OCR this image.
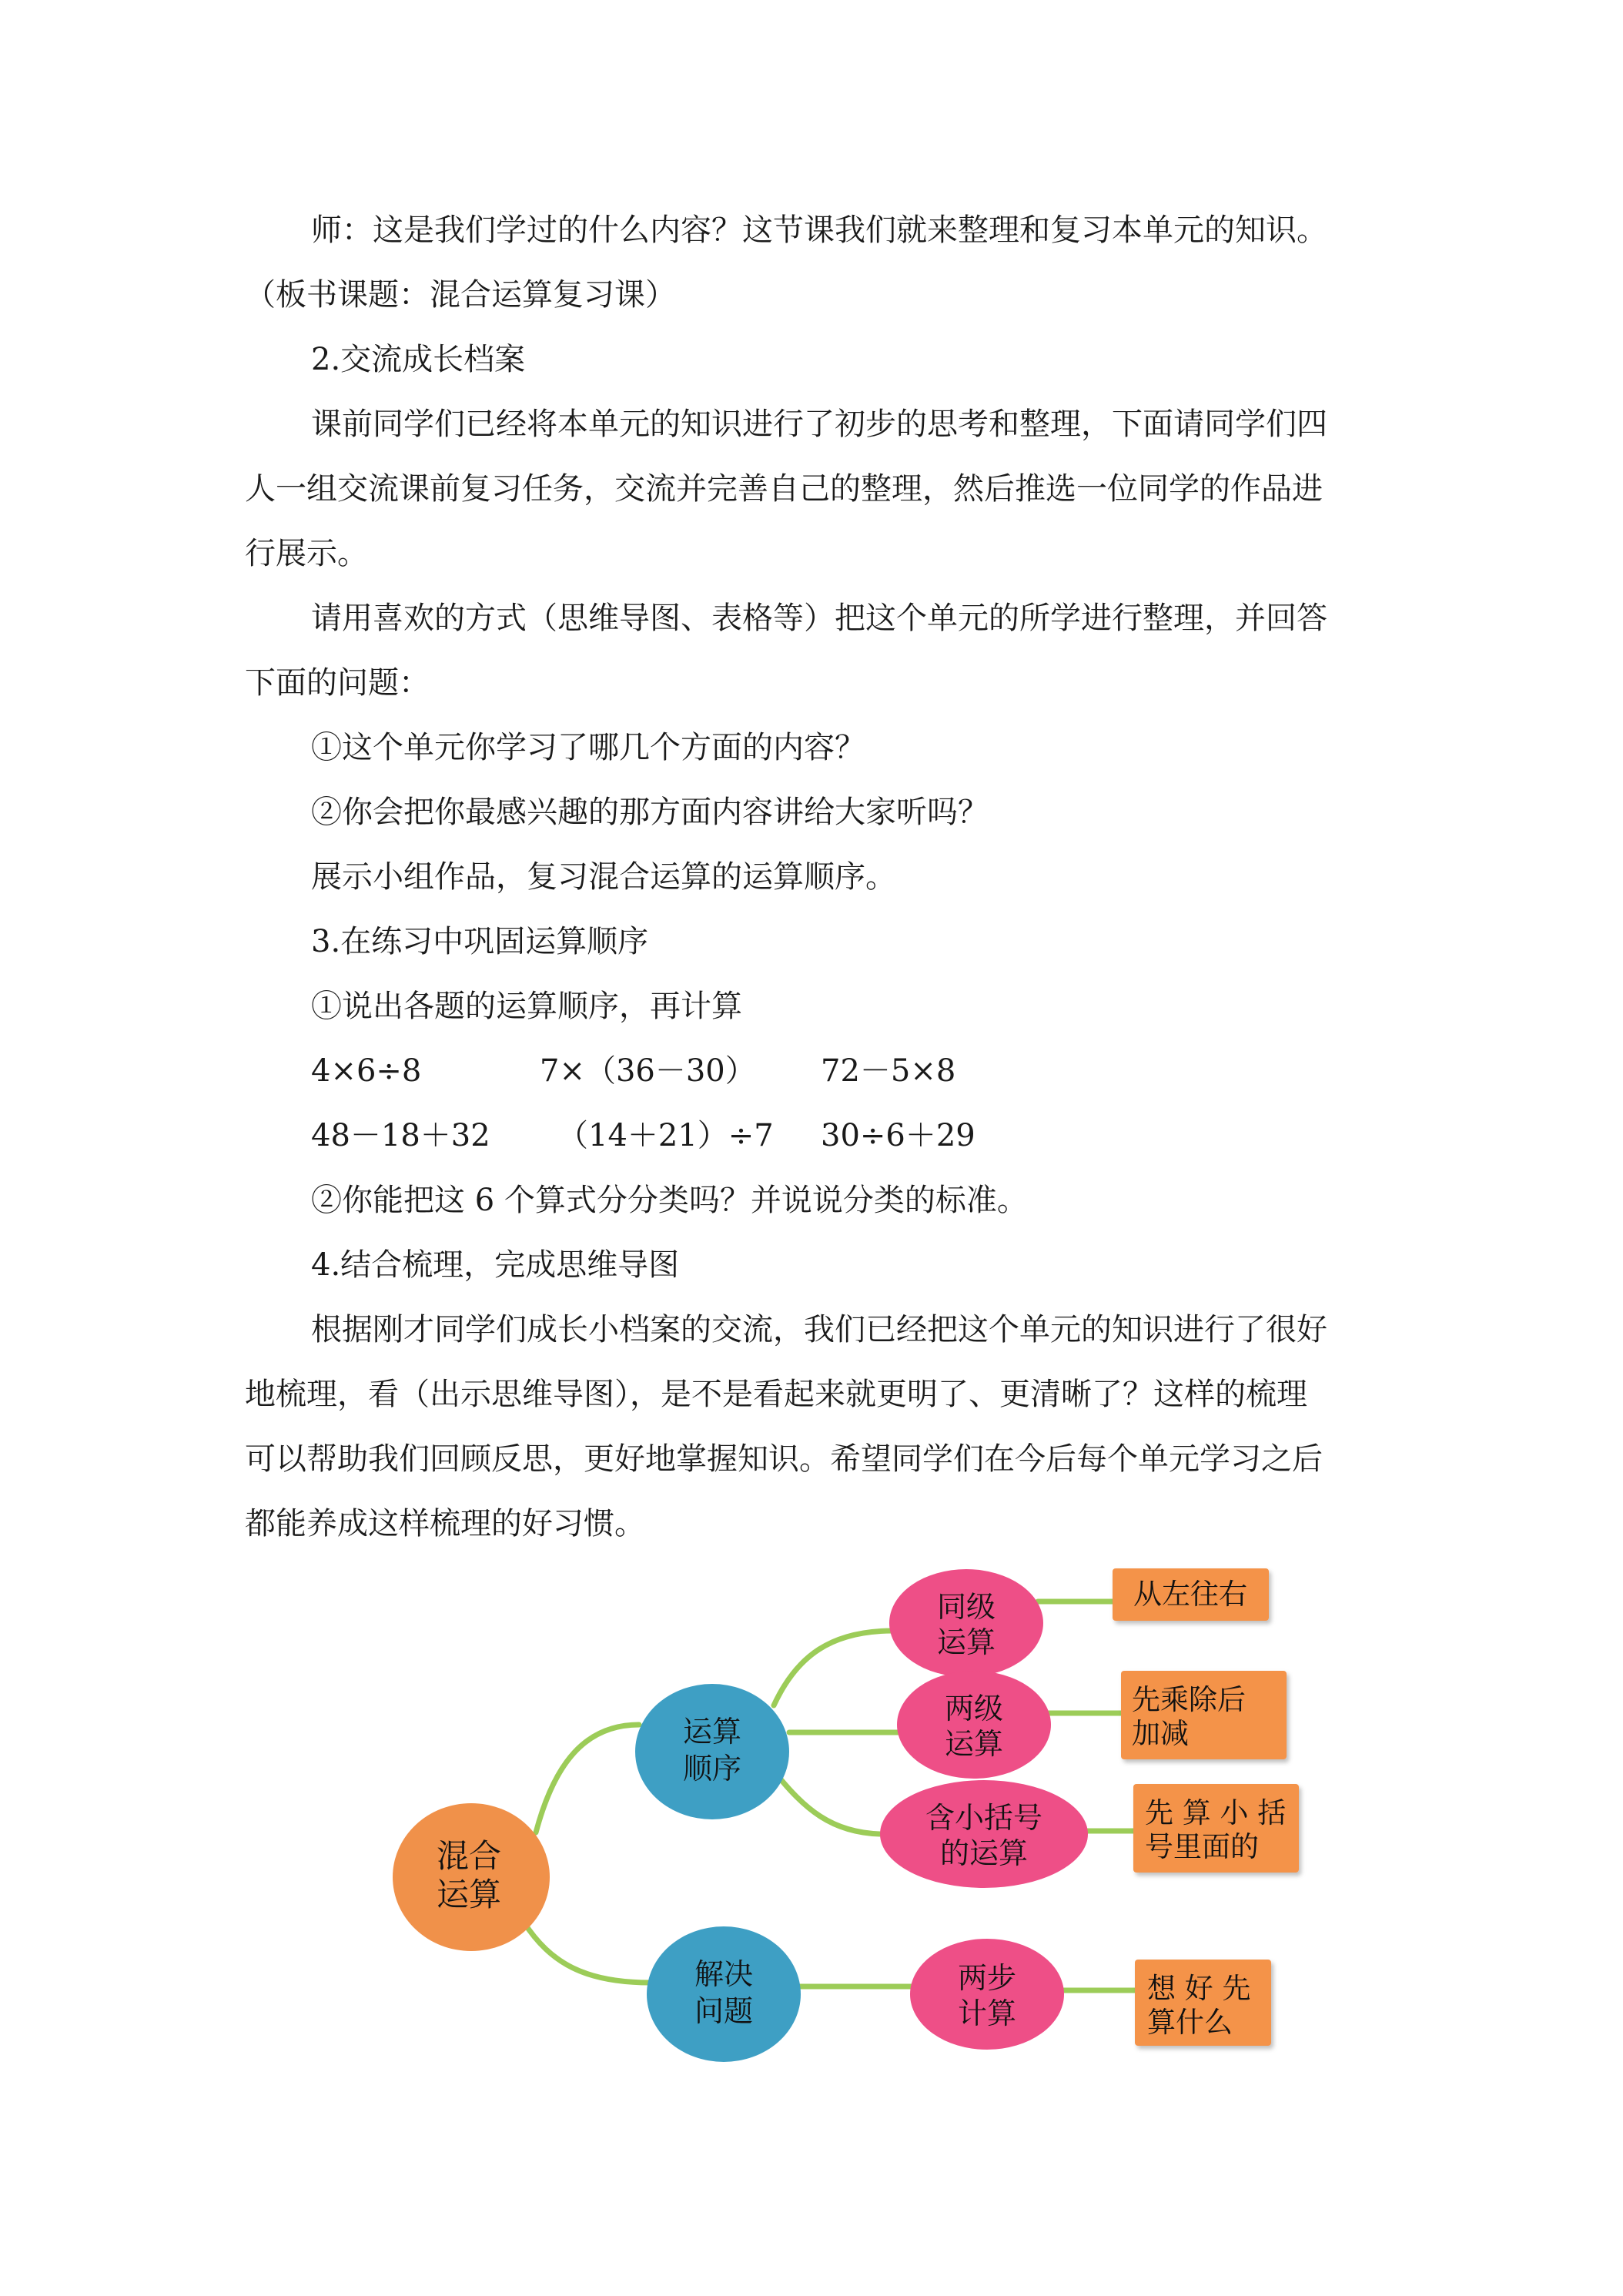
师：这是我们学过的什么内容？这节课我们就来整理和复习本单元的知识。

（板书课题：混合运算复习课）

2.交流成长档案

课前同学们已经将本单元的知识进行了初步的思考和整理，下面请同学们四

人一组交流课前复习任务，交流并完善自己的整理，然后推选一位同学的作品进

行展示。

请用喜欢的方式（思维导图、表格等）把这个单元的所学进行整理，并回答

下面的问题：

①这个单元你学习了哪几个方面的内容？

②你会把你最感兴趣的那方面内容讲给大家听吗？

展示小组作品，复习混合运算的运算顺序。

3.在练习中巩固运算顺序

①说出各题的运算顺序，再计算

4×6÷8	7×（36－30）	72－5×8
48－18＋32	（14＋21）÷7	30÷6＋29

②你能把这 6 个算式分分类吗？并说说分类的标准。

4.结合梳理，完成思维导图

根据刚才同学们成长小档案的交流，我们已经把这个单元的知识进行了很好

地梳理，看（出示思维导图），是不是看起来就更明了、更清晰了？这样的梳理

可以帮助我们回顾反思，更好地掌握知识。希望同学们在今后每个单元学习之后

都能养成这样梳理的好习惯。

混合
运算
运算
顺序
解决
问题
同级
运算
两级
运算
含小括号
的运算
两步
计算
从左往右
先乘除后
加减
先 算 小 括
号里面的
想 好 先
算什么
